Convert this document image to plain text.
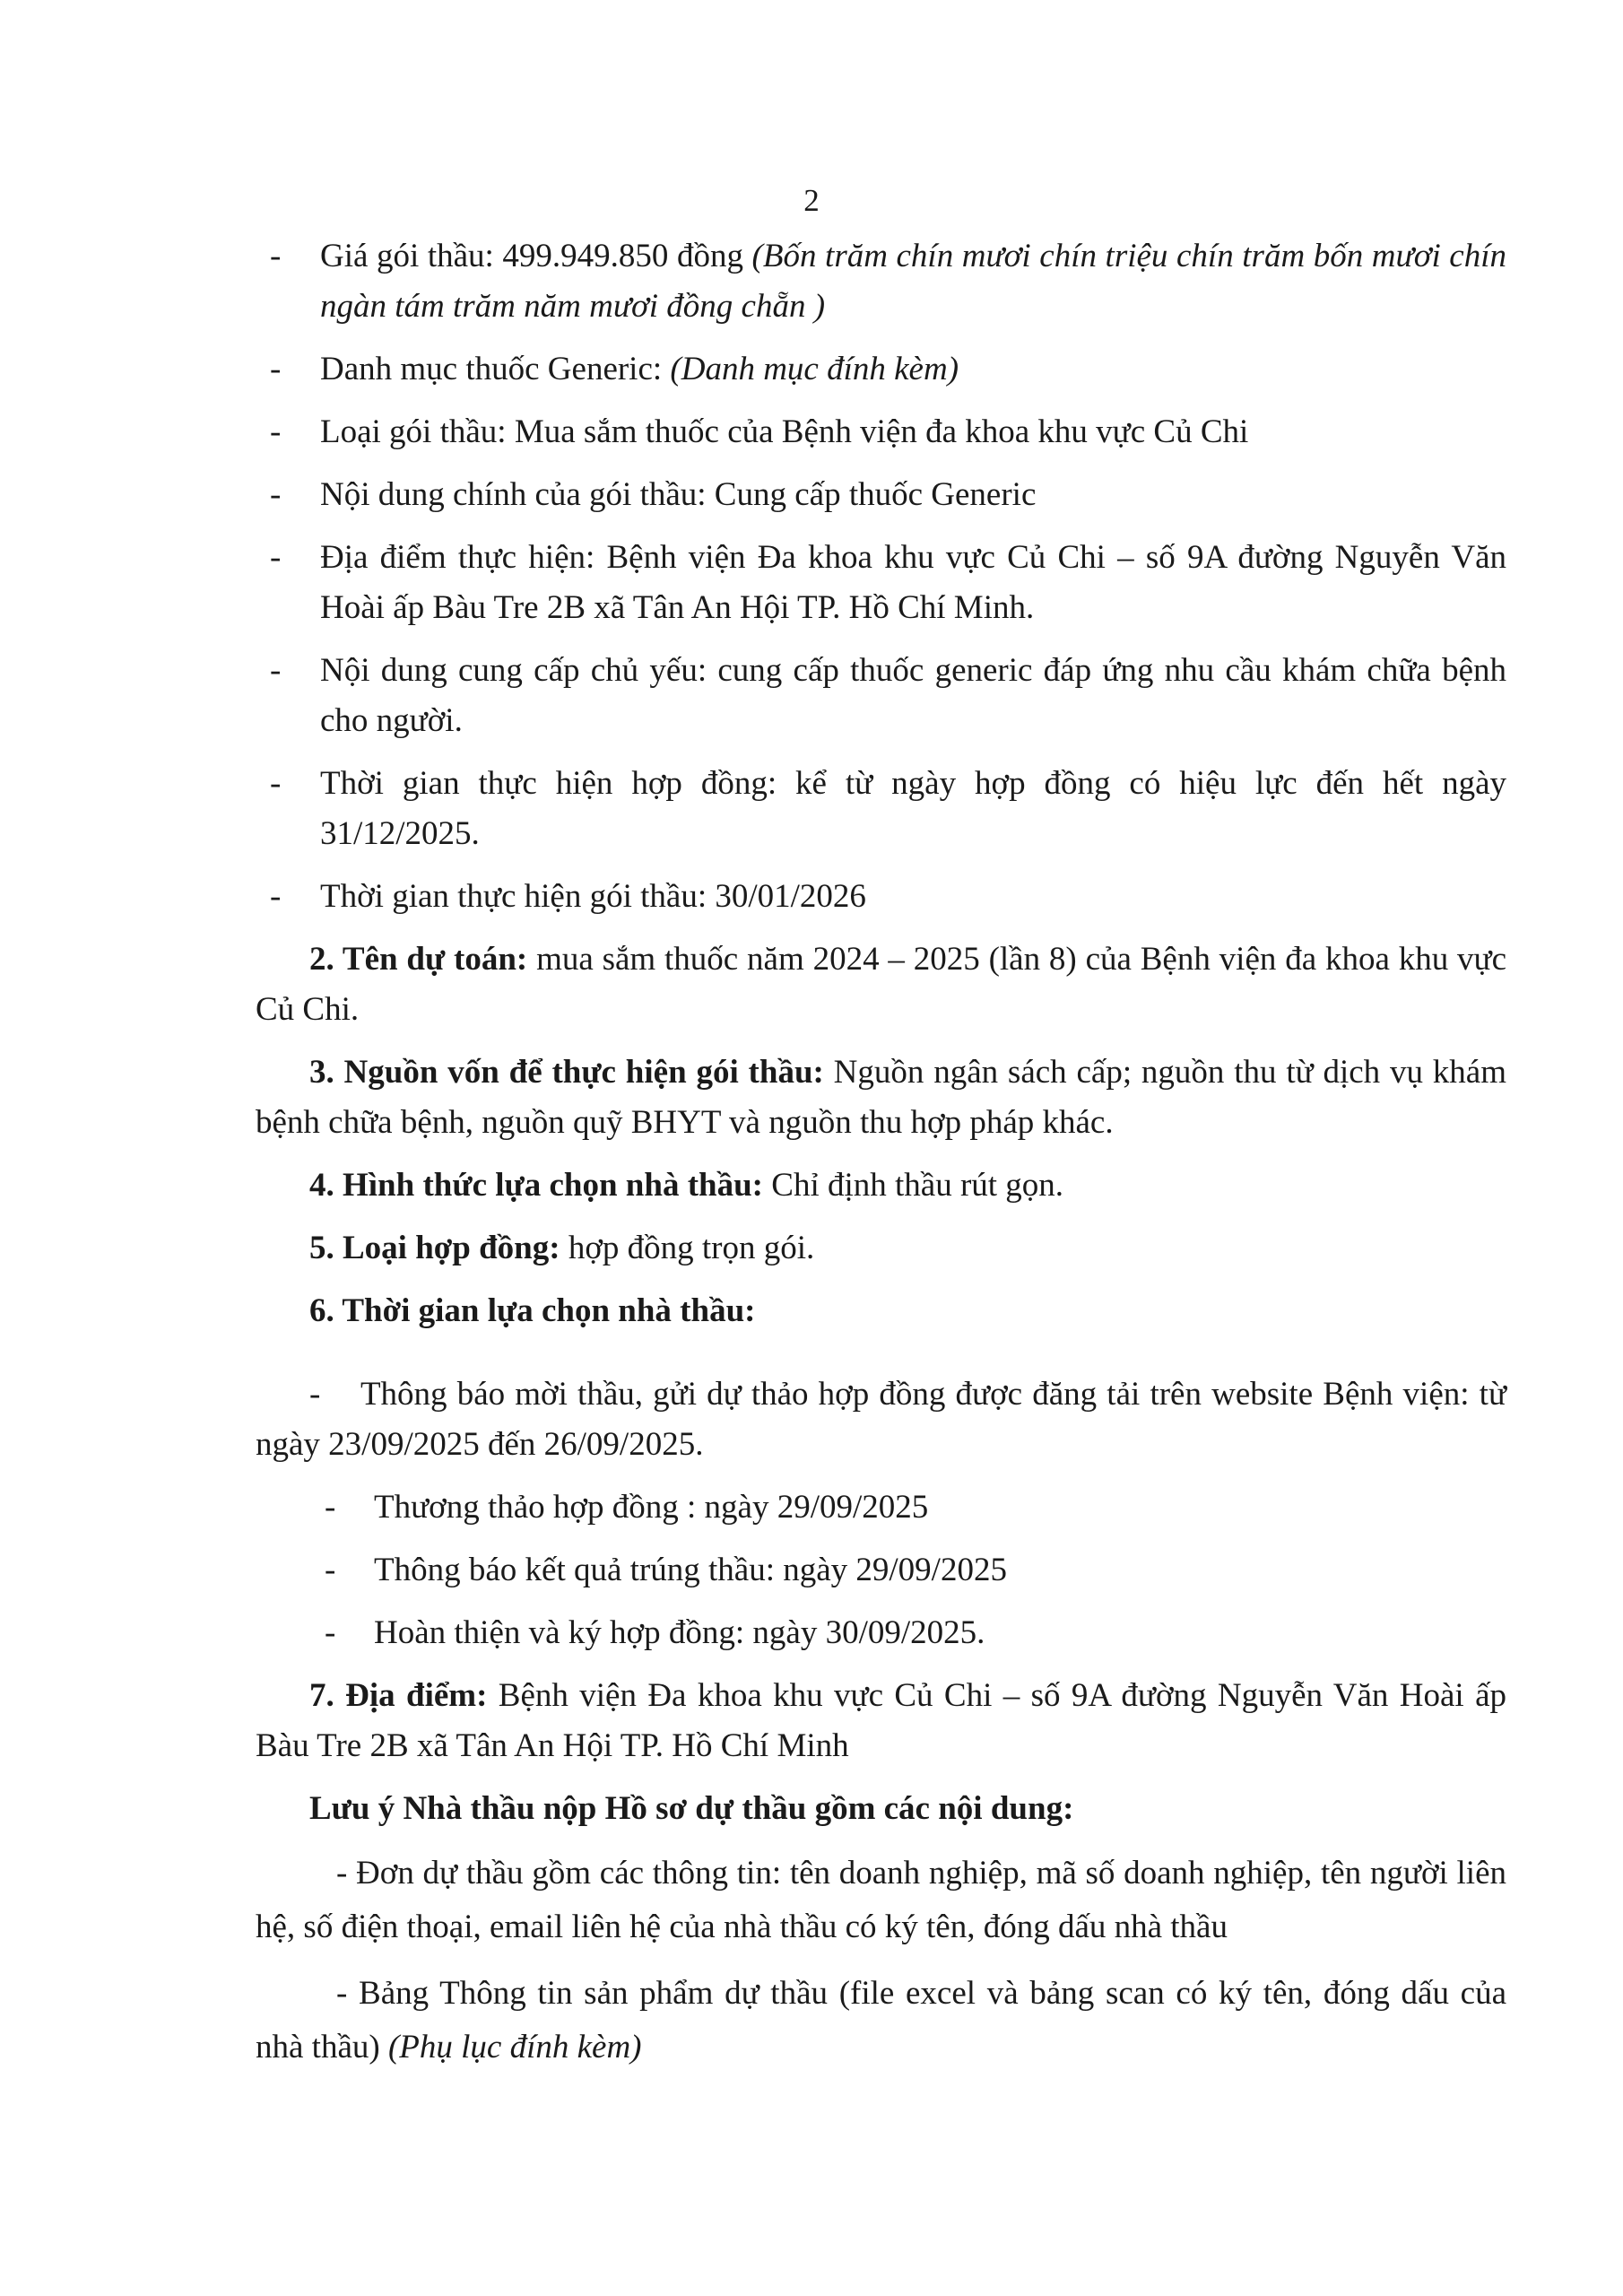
2
-	Giá gói thầu: 499.949.850 đồng (Bốn trăm chín mươi chín triệu chín trăm bốn mươi chín ngàn tám trăm năm mươi đồng chẵn )
-	Danh mục thuốc Generic: (Danh mục đính kèm)
-	Loại gói thầu: Mua sắm thuốc của Bệnh viện đa khoa khu vực Củ Chi
-	Nội dung chính của gói thầu: Cung cấp thuốc Generic
-	Địa điểm thực hiện: Bệnh viện Đa khoa khu vực Củ Chi – số 9A đường Nguyễn Văn Hoài ấp Bàu Tre 2B xã Tân An Hội TP. Hồ Chí Minh.
-	Nội dung cung cấp chủ yếu: cung cấp thuốc generic đáp ứng nhu cầu khám chữa bệnh cho người.
-	Thời gian thực hiện hợp đồng: kể từ ngày hợp đồng có hiệu lực đến hết ngày 31/12/2025.
-	Thời gian thực hiện gói thầu: 30/01/2026

2. Tên dự toán: mua sắm thuốc năm 2024 – 2025 (lần 8) của Bệnh viện đa khoa khu vực Củ Chi.

3. Nguồn vốn để thực hiện gói thầu: Nguồn ngân sách cấp; nguồn thu từ dịch vụ khám bệnh chữa bệnh, nguồn quỹ BHYT và nguồn thu hợp pháp khác.

4. Hình thức lựa chọn nhà thầu: Chỉ định thầu rút gọn.

5. Loại hợp đồng: hợp đồng trọn gói.

6. Thời gian lựa chọn nhà thầu:

- Thông báo mời thầu, gửi dự thảo hợp đồng được đăng tải trên website Bệnh viện: từ ngày 23/09/2025 đến 26/09/2025.

-	Thương thảo hợp đồng : ngày 29/09/2025
-	Thông báo kết quả trúng thầu: ngày 29/09/2025
-	Hoàn thiện và ký hợp đồng: ngày 30/09/2025.

7. Địa điểm: Bệnh viện Đa khoa khu vực Củ Chi – số 9A đường Nguyễn Văn Hoài ấp Bàu Tre 2B xã Tân An Hội TP. Hồ Chí Minh

Lưu ý Nhà thầu nộp Hồ sơ dự thầu gồm các nội dung:

- Đơn dự thầu gồm các thông tin: tên doanh nghiệp, mã số doanh nghiệp, tên người liên hệ, số điện thoại, email liên hệ của nhà thầu có ký tên, đóng dấu nhà thầu

- Bảng Thông tin sản phẩm dự thầu (file excel và bảng scan có ký tên, đóng dấu của nhà thầu) (Phụ lục đính kèm)
